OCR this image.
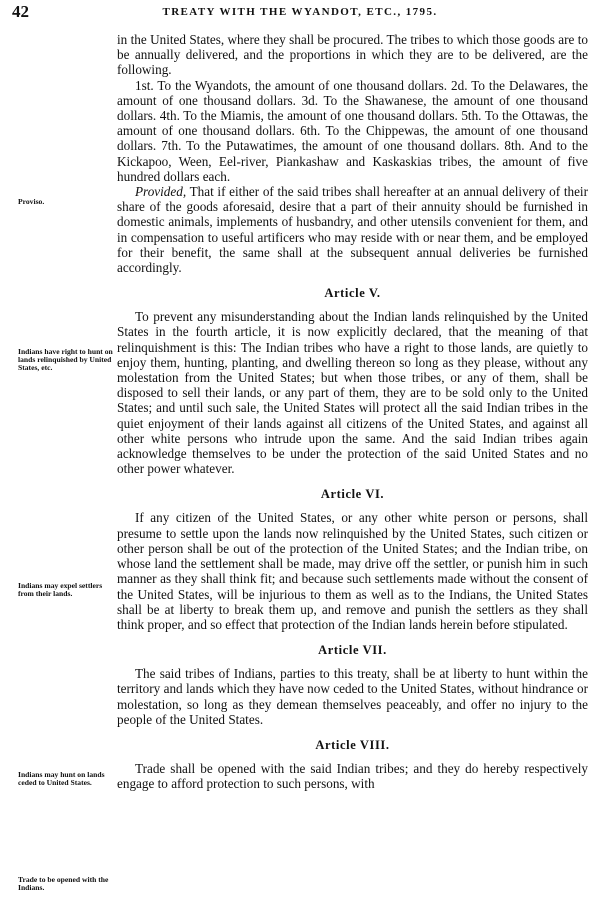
42	TREATY WITH THE WYANDOT, ETC., 1795.
Proviso.
Indians have right to hunt on lands relinquished by United States, etc.
Indians may expel settlers from their lands.
Indians may hunt on lands ceded to United States.
Trade to be opened with the Indians.

in the United States, where they shall be procured. The tribes to which those goods are to be annually delivered, and the proportions in which they are to be delivered, are the following.

1st. To the Wyandots, the amount of one thousand dollars. 2d. To the Delawares, the amount of one thousand dollars. 3d. To the Shawanese, the amount of one thousand dollars. 4th. To the Miamis, the amount of one thousand dollars. 5th. To the Ottawas, the amount of one thousand dollars. 6th. To the Chippewas, the amount of one thousand dollars. 7th. To the Putawatimes, the amount of one thousand dollars. 8th. And to the Kickapoo, Ween, Eel-river, Piankashaw and Kaskaskias tribes, the amount of five hundred dollars each.

Provided, That if either of the said tribes shall hereafter at an annual delivery of their share of the goods aforesaid, desire that a part of their annuity should be furnished in domestic animals, implements of husbandry, and other utensils convenient for them, and in compensation to useful artificers who may reside with or near them, and be employed for their benefit, the same shall at the subsequent annual deliveries be furnished accordingly.

Article V.

To prevent any misunderstanding about the Indian lands relinquished by the United States in the fourth article, it is now explicitly declared, that the meaning of that relinquishment is this: The Indian tribes who have a right to those lands, are quietly to enjoy them, hunting, planting, and dwelling thereon so long as they please, without any molestation from the United States; but when those tribes, or any of them, shall be disposed to sell their lands, or any part of them, they are to be sold only to the United States; and until such sale, the United States will protect all the said Indian tribes in the quiet enjoyment of their lands against all citizens of the United States, and against all other white persons who intrude upon the same. And the said Indian tribes again acknowledge themselves to be under the protection of the said United States and no other power whatever.

Article VI.

If any citizen of the United States, or any other white person or persons, shall presume to settle upon the lands now relinquished by the United States, such citizen or other person shall be out of the protection of the United States; and the Indian tribe, on whose land the settlement shall be made, may drive off the settler, or punish him in such manner as they shall think fit; and because such settlements made without the consent of the United States, will be injurious to them as well as to the Indians, the United States shall be at liberty to break them up, and remove and punish the settlers as they shall think proper, and so effect that protection of the Indian lands herein before stipulated.

Article VII.

The said tribes of Indians, parties to this treaty, shall be at liberty to hunt within the territory and lands which they have now ceded to the United States, without hindrance or molestation, so long as they demean themselves peaceably, and offer no injury to the people of the United States.

Article VIII.

Trade shall be opened with the said Indian tribes; and they do hereby respectively engage to afford protection to such persons, with
